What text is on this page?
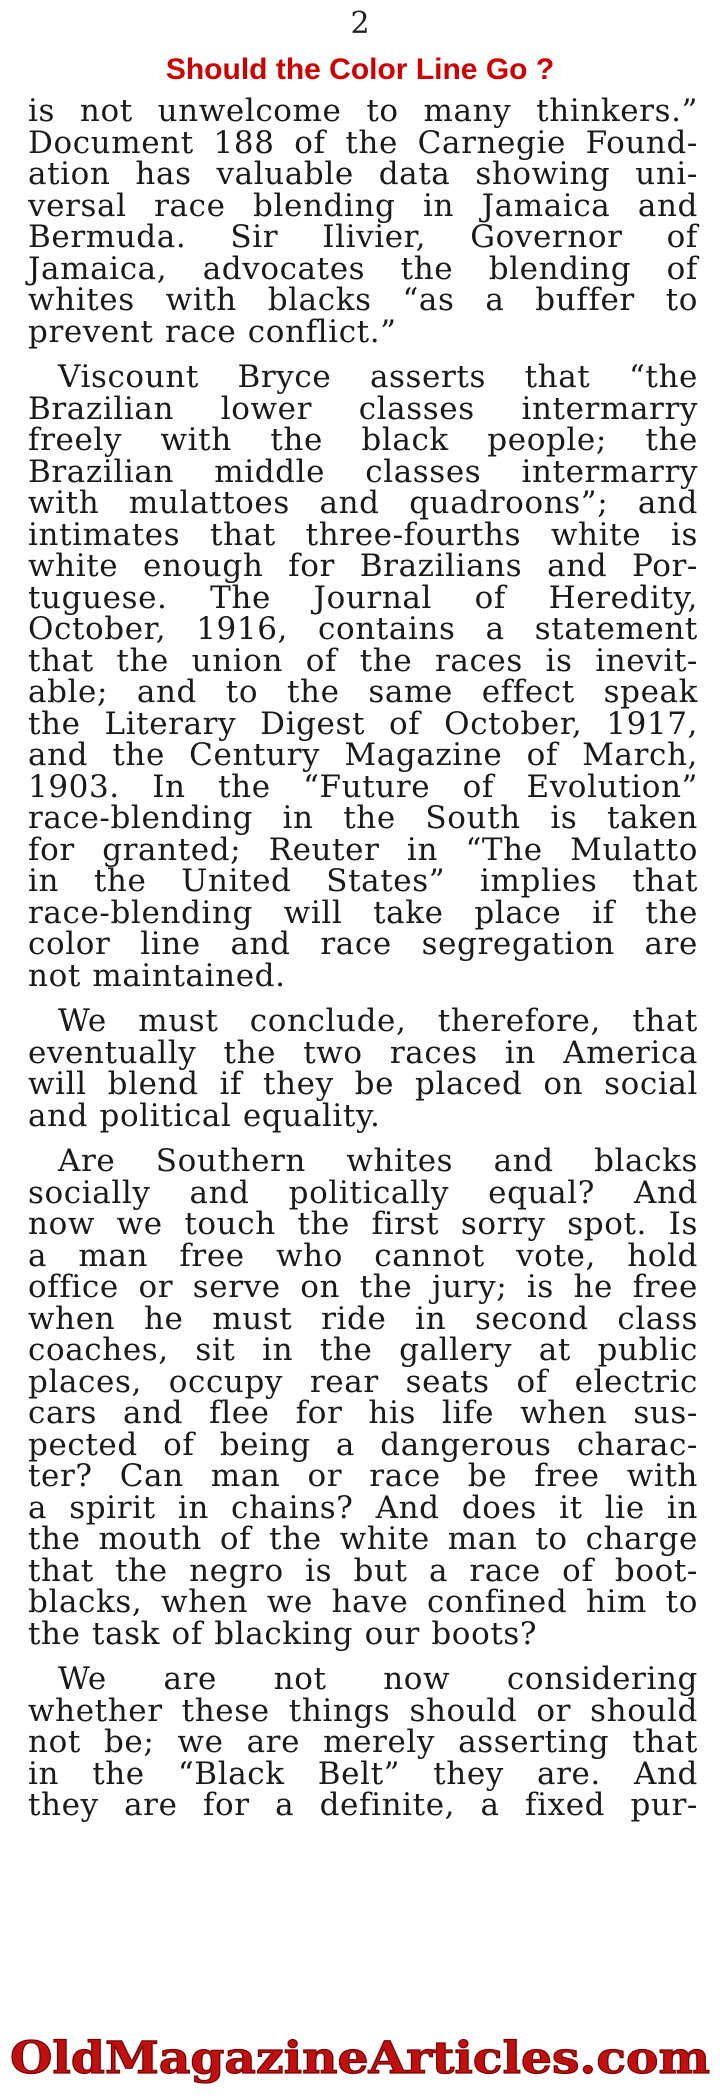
2
Should the Color Line Go ?
is not unwelcome to many thinkers.”
Document 188 of the Carnegie Found-
ation has valuable data showing uni-
versal race blending in Jamaica and
Bermuda. Sir Ilivier, Governor of
Jamaica, advocates the blending of
whites with blacks “as a buffer to
prevent race conflict.”
Viscount Bryce asserts that “the
Brazilian lower classes intermarry
freely with the black people; the
Brazilian middle classes intermarry
with mulattoes and quadroons”; and
intimates that three-fourths white is
white enough for Brazilians and Por-
tuguese. The Journal of Heredity,
October, 1916, contains a statement
that the union of the races is inevit-
able; and to the same effect speak
the Literary Digest of October, 1917,
and the Century Magazine of March,
1903. In the “Future of Evolution”
race-blending in the South is taken
for granted; Reuter in “The Mulatto
in the United States” implies that
race-blending will take place if the
color line and race segregation are
not maintained.
We must conclude, therefore, that
eventually the two races in America
will blend if they be placed on social
and political equality.
Are Southern whites and blacks
socially and politically equal? And
now we touch the first sorry spot. Is
a man free who cannot vote, hold
office or serve on the jury; is he free
when he must ride in second class
coaches, sit in the gallery at public
places, occupy rear seats of electric
cars and flee for his life when sus-
pected of being a dangerous charac-
ter? Can man or race be free with
a spirit in chains? And does it lie in
the mouth of the white man to charge
that the negro is but a race of boot-
blacks, when we have confined him to
the task of blacking our boots?
We are not now considering
whether these things should or should
not be; we are merely asserting that
in the “Black Belt” they are. And
they are for a definite, a fixed pur-
OldMagazineArticles.com
